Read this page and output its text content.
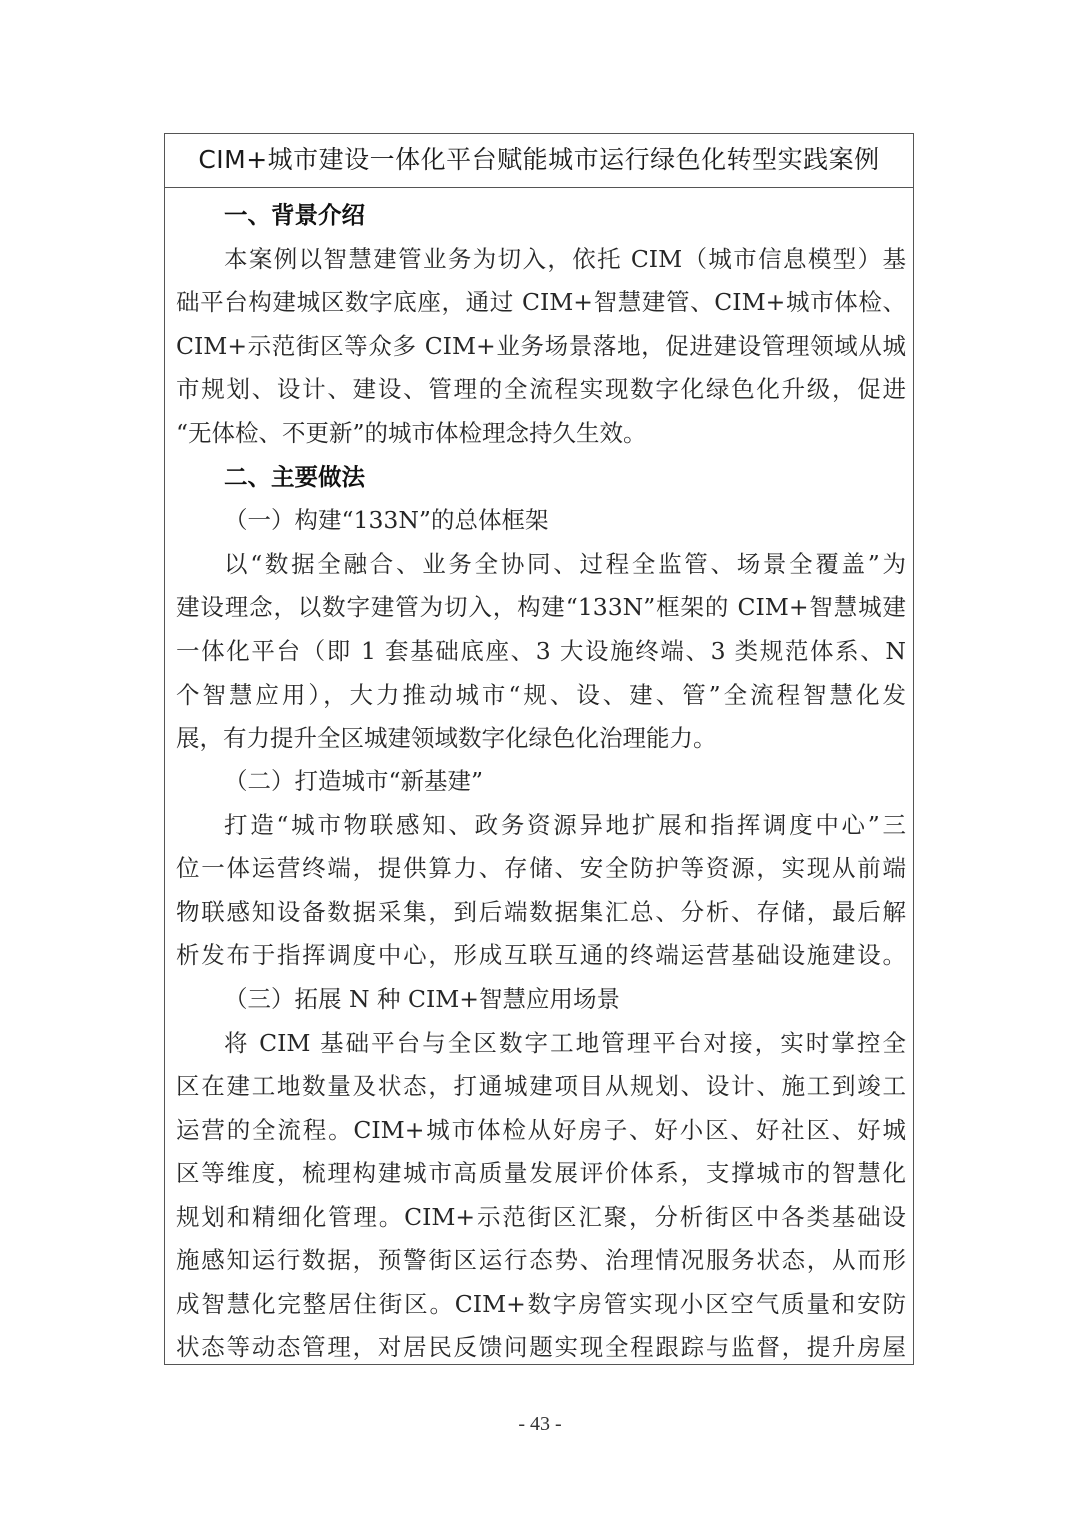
CIM+城市建设一体化平台赋能城市运行绿色化转型实践案例
一、背景介绍
本案例以智慧建管业务为切入，依托 CIM（城市信息模型）基
础平台构建城区数字底座，通过 CIM+智慧建管、CIM+城市体检、
CIM+示范街区等众多 CIM+业务场景落地，促进建设管理领域从城
市规划、设计、建设、管理的全流程实现数字化绿色化升级，促进
“无体检、不更新”的城市体检理念持久生效。
二、主要做法
（一）构建“133N”的总体框架
以“数据全融合、业务全协同、过程全监管、场景全覆盖”为
建设理念，以数字建管为切入，构建“133N”框架的 CIM+智慧城建
一体化平台（即 1 套基础底座、3 大设施终端、3 类规范体系、N
个智慧应用），大力推动城市“规、设、建、管”全流程智慧化发
展，有力提升全区城建领域数字化绿色化治理能力。
（二）打造城市“新基建”
打造“城市物联感知、政务资源异地扩展和指挥调度中心”三
位一体运营终端，提供算力、存储、安全防护等资源，实现从前端
物联感知设备数据采集，到后端数据集汇总、分析、存储，最后解
析发布于指挥调度中心，形成互联互通的终端运营基础设施建设。
（三）拓展 N 种 CIM+智慧应用场景
将 CIM 基础平台与全区数字工地管理平台对接，实时掌控全
区在建工地数量及状态，打通城建项目从规划、设计、施工到竣工
运营的全流程。CIM+城市体检从好房子、好小区、好社区、好城
区等维度，梳理构建城市高质量发展评价体系，支撑城市的智慧化
规划和精细化管理。CIM+示范街区汇聚，分析街区中各类基础设
施感知运行数据，预警街区运行态势、治理情况服务状态，从而形
成智慧化完整居住街区。CIM+数字房管实现小区空气质量和安防
状态等动态管理，对居民反馈问题实现全程跟踪与监督，提升房屋
- 43 -
